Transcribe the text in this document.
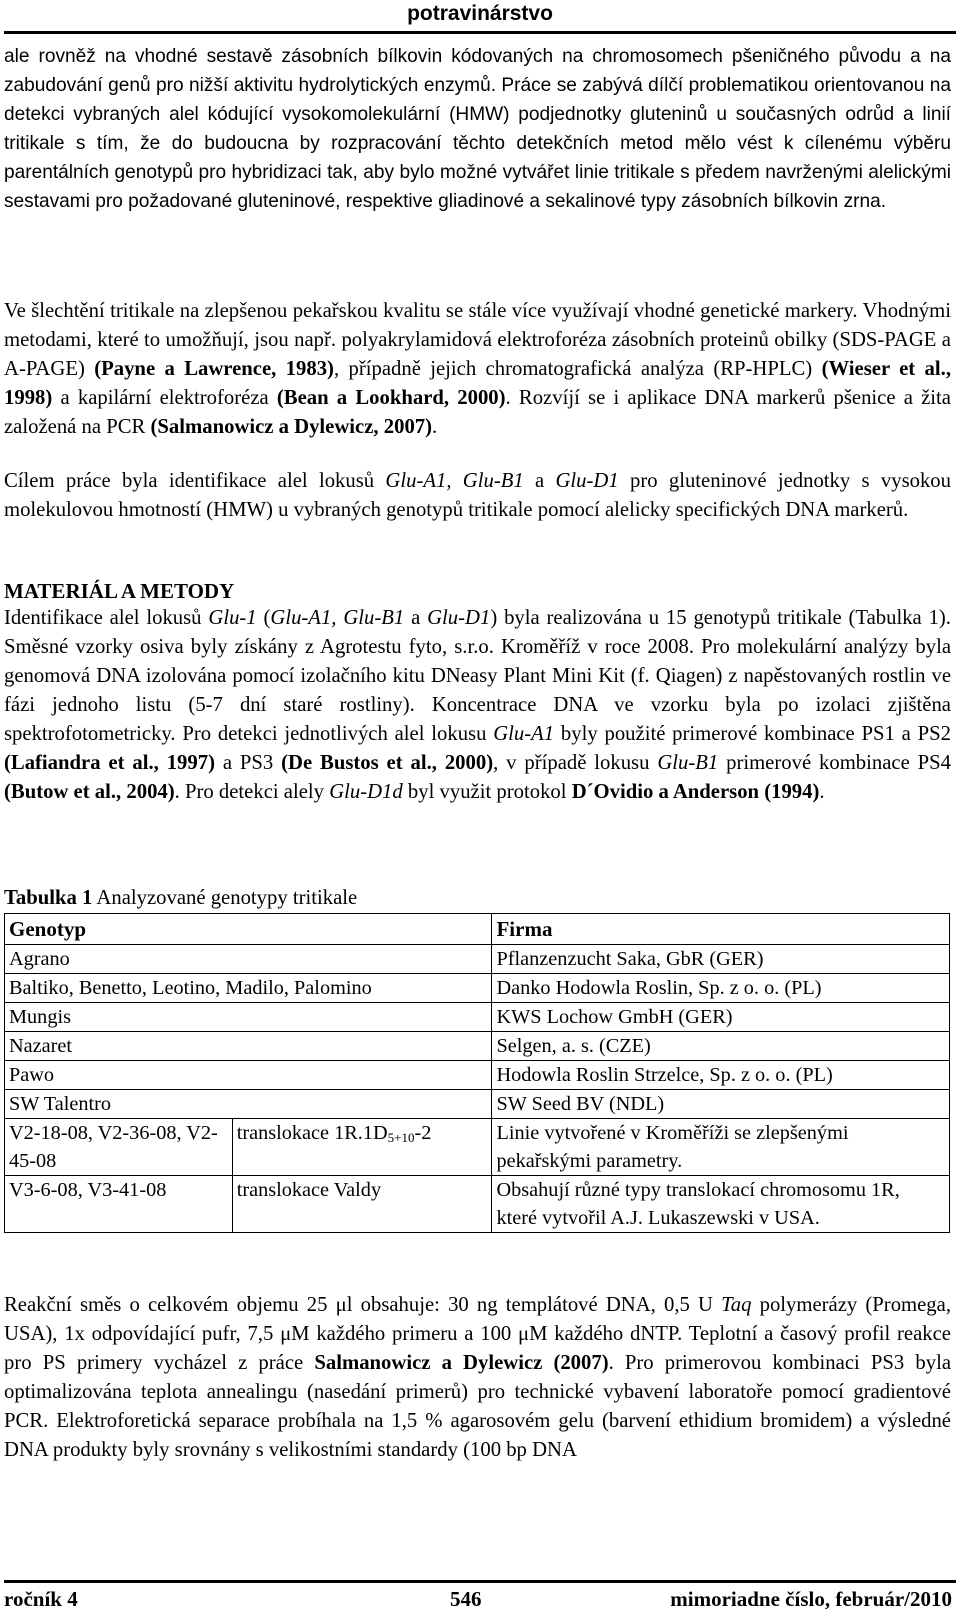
potravinárstvo
ale rovněž na vhodné sestavě zásobních bílkovin kódovaných na chromosomech pšeničného původu a na zabudování genů pro nižší aktivitu hydrolytických enzymů. Práce se zabývá dílčí problematikou orientovanou na detekci vybraných alel kódující vysokomolekulární (HMW) podjednotky gluteninů u současných odrůd a linií tritikale s tím, že do budoucna by rozpracování těchto detekčních metod mělo vést k cílenému výběru parentálních genotypů pro hybridizaci tak, aby bylo možné vytvářet linie tritikale s předem navrženými alelickými sestavami pro požadované gluteninové, respektive gliadinové a sekalinové typy zásobních bílkovin zrna.
Ve šlechtění tritikale na zlepšenou pekařskou kvalitu se stále více využívají vhodné genetické markery. Vhodnými metodami, které to umožňují, jsou např. polyakrylamidová elektroforéza zásobních proteinů obilky (SDS-PAGE a A-PAGE) (Payne a Lawrence, 1983), případně jejich chromatografická analýza (RP-HPLC) (Wieser et al., 1998) a kapilární elektroforéza (Bean a Lookhard, 2000). Rozvíjí se i aplikace DNA markerů pšenice a žita založená na PCR (Salmanowicz a Dylewicz, 2007).
Cílem práce byla identifikace alel lokusů Glu-A1, Glu-B1 a Glu-D1 pro gluteninové jednotky s vysokou molekulovou hmotností (HMW) u vybraných genotypů tritikale pomocí alelicky specifických DNA markerů.
MATERIÁL A METODY
Identifikace alel lokusů Glu-1 (Glu-A1, Glu-B1 a Glu-D1) byla realizována u 15 genotypů tritikale (Tabulka 1). Směsné vzorky osiva byly získány z Agrotestu fyto, s.r.o. Kroměříž v roce 2008. Pro molekulární analýzy byla genomová DNA izolována pomocí izolačního kitu DNeasy Plant Mini Kit (f. Qiagen) z napěstovaných rostlin ve fázi jednoho listu (5-7 dní staré rostliny). Koncentrace DNA ve vzorku byla po izolaci zjištěna spektrofotometricky. Pro detekci jednotlivých alel lokusu Glu-A1 byly použité primerové kombinace PS1 a PS2 (Lafiandra et al., 1997) a PS3 (De Bustos et al., 2000), v případě lokusu Glu-B1 primerové kombinace PS4 (Butow et al., 2004). Pro detekci alely Glu-D1d byl využit protokol D´Ovidio a Anderson (1994).
Tabulka 1 Analyzované genotypy tritikale
Genotyp		Firma
Agrano		Pflanzenzucht Saka, GbR (GER)
Baltiko, Benetto, Leotino, Madilo, Palomino		Danko Hodowla Roslin, Sp. z o. o. (PL)
Mungis		KWS Lochow GmbH (GER)
Nazaret		Selgen, a. s. (CZE)
Pawo		Hodowla Roslin Strzelce, Sp. z o. o. (PL)
SW Talentro		SW Seed BV (NDL)
V2-18-08, V2-36-08, V2-45-08	translokace $1R.1D_{5+10}-2$	Linie vytvořené v Kroměříži se zlepšenými pekařskými parametry.
V3-6-08, V3-41-08	translokace Valdy	Obsahují různé typy translokací chromosomu 1R, které vytvořil A.J. Lukaszewski v USA.
Reakční směs o celkovém objemu 25 μl obsahuje: 30 ng templátové DNA, 0,5 U Taq polymerázy (Promega, USA), 1x odpovídající pufr, 7,5 μM každého primeru a 100 μM každého dNTP. Teplotní a časový profil reakce pro PS primery vycházel z práce Salmanowicz a Dylewicz (2007). Pro primerovou kombinaci PS3 byla optimalizována teplota annealingu (nasedání primerů) pro technické vybavení laboratoře pomocí gradientové PCR. Elektroforetická separace probíhala na 1,5 % agarosovém gelu (barvení ethidium bromidem) a výsledné DNA produkty byly srovnány s velikostními standardy (100 bp DNA
ročník 4	546	mimoriadne číslo, február/2010
